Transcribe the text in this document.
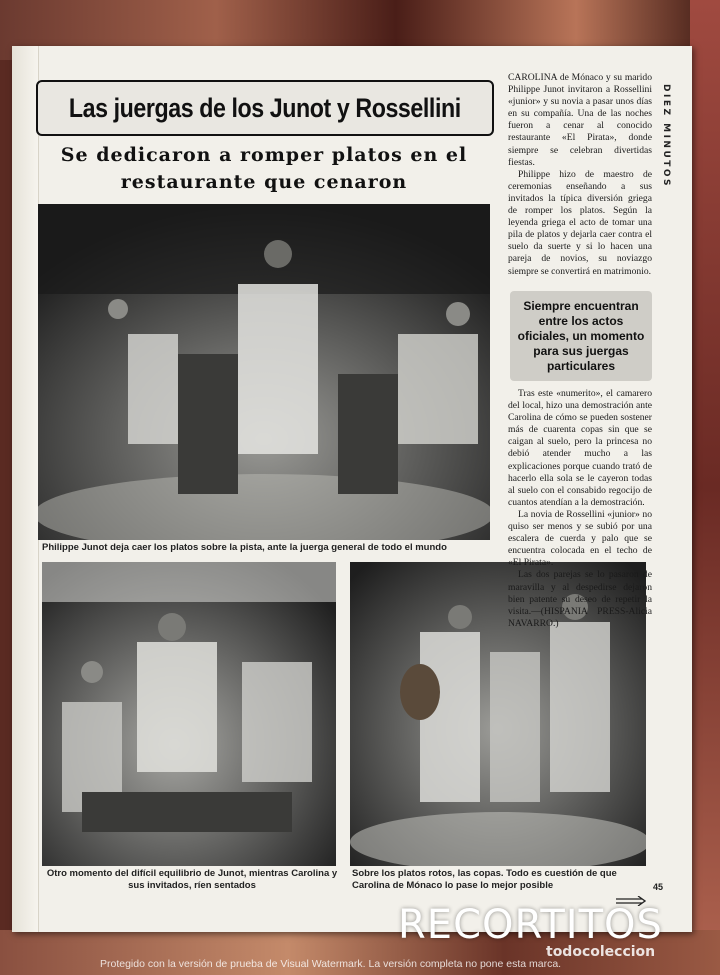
Las juergas de los Junot y Rossellini
Se dedicaron a romper platos en el restaurante que cenaron
Philippe Junot deja caer los platos sobre la pista, ante la juerga general de todo el mundo
Otro momento del difícil equilibrio de Junot, mientras Carolina y sus invitados, ríen sentados
Sobre los platos rotos, las copas. Todo es cuestión de que Carolina de Mónaco lo pase lo mejor posible

CAROLINA de Mónaco y su marido Philippe Junot invitaron a Rossellini «junior» y su novia a pasar unos días en su compañía. Una de las noches fueron a cenar al conocido restaurante «El Pirata», donde siempre se celebran divertidas fiestas.

Philippe hizo de maestro de ceremonias enseñando a sus invitados la típica diversión griega de romper los platos. Según la leyenda griega el acto de tomar una pila de platos y dejarla caer contra el suelo da suerte y si lo hacen una pareja de novios, su noviazgo siempre se convertirá en matrimonio.

Siempre encuentran entre los actos oficiales, un momento para sus juergas particulares

Tras este «numerito», el camarero del local, hizo una demostración ante Carolina de cómo se pueden sostener más de cuarenta copas sin que se caigan al suelo, pero la princesa no debió atender mucho a las explicaciones porque cuando trató de hacerlo ella sola se le cayeron todas al suelo con el consabido regocijo de cuantos atendían a la demostración.

La novia de Rossellini «junior» no quiso ser menos y se subió por una escalera de cuerda y palo que se encuentra colocada en el techo de «El Pirata».

Las dos parejas se lo pasaron de maravilla y al despedirse dejaron bien patente su deseo de repetir la visita.—(HISPANIA PRESS-Alicia NAVARRO.)

DIEZ MINUTOS
45
RECORTITOS
todocoleccion
Protegido con la versión de prueba de Visual Watermark. La versión completa no pone esta marca.
